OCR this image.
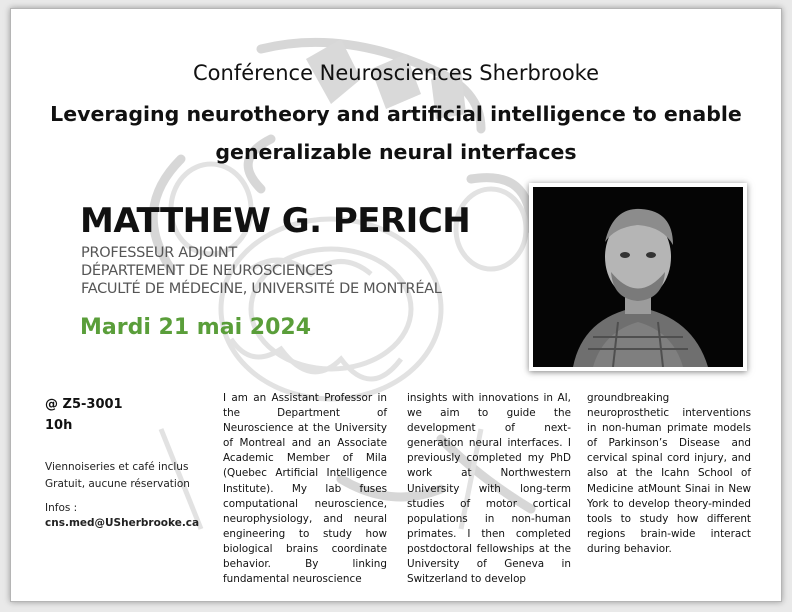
Conférence Neurosciences Sherbrooke
Leveraging neurotheory and artificial intelligence to enable
generalizable neural interfaces
MATTHEW G. PERICH
PROFESSEUR ADJOINT
DÉPARTEMENT DE NEUROSCIENCES
FACULTÉ DE MÉDECINE, UNIVERSITÉ DE MONTRÉAL
Mardi 21 mai 2024
@ Z5-3001
10h
Viennoiseries et café inclus
Gratuit, aucune réservation
Infos :
cns.med@USherbrooke.ca
I am an Assistant Professor in the Department of Neuroscience at the University of Montreal and an Associate Academic Member of Mila (Quebec Artificial Intelligence Institute). My lab fuses computational neuroscience, neurophysiology, and neural engineering to study how biological brains coordinate behavior. By linking fundamental neuroscience
insights with innovations in AI, we aim to guide the development of next-generation neural interfaces. I previously completed my PhD work at Northwestern University with long-term studies of motor cortical populations in non-human primates. I then completed postdoctoral fellowships at the University of Geneva in Switzerland to develop
groundbreaking neuroprosthetic interventions in non-human primate models of Parkinson’s Disease and cervical spinal cord injury, and also at the Icahn School of Medicine atMount Sinai in New York to develop theory-minded tools to study how different regions brain-wide interact during behavior.
